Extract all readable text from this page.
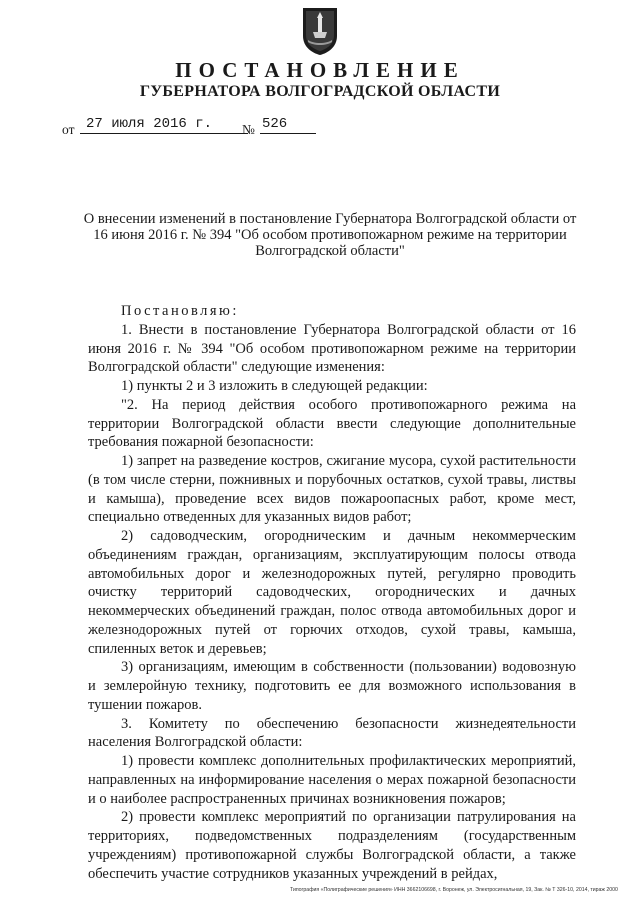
ПОСТАНОВЛЕНИЕ
ГУБЕРНАТОРА ВОЛГОГРАДСКОЙ ОБЛАСТИ
от 27 июля 2016 г.	№ 526
О внесении изменений в постановление Губернатора Волгоградской области от 16 июня 2016 г. № 394 "Об особом противопожарном режиме на территории Волгоградской области"

Постановляю:

1. Внести в постановление Губернатора Волгоградской области от 16 июня 2016 г. № 394 "Об особом противопожарном режиме на территории Волгоградской области" следующие изменения:

1) пункты 2 и 3 изложить в следующей редакции:

"2. На период действия особого противопожарного режима на территории Волгоградской области ввести следующие дополнительные требования пожарной безопасности:

1) запрет на разведение костров, сжигание мусора, сухой растительности (в том числе стерни, пожнивных и порубочных остатков, сухой травы, листвы и камыша), проведение всех видов пожароопасных работ, кроме мест, специально отведенных для указанных видов работ;

2) садоводческим, огородническим и дачным некоммерческим объединениям граждан, организациям, эксплуатирующим полосы отвода автомобильных дорог и железнодорожных путей, регулярно проводить очистку территорий садоводческих, огороднических и дачных некоммерческих объединений граждан, полос отвода автомобильных дорог и железнодорожных путей от горючих отходов, сухой травы, камыша, спиленных веток и деревьев;

3) организациям, имеющим в собственности (пользовании) водовозную и землеройную технику, подготовить ее для возможного использования в тушении пожаров.

3. Комитету по обеспечению безопасности жизнедеятельности населения Волгоградской области:

1) провести комплекс дополнительных профилактических мероприятий, направленных на информирование населения о мерах пожарной безопасности и о наиболее распространенных причинах возникновения пожаров;

2) провести комплекс мероприятий по организации патрулирования на территориях, подведомственных подразделениям (государственным учреждениям) противопожарной службы Волгоградской области, а также обеспечить участие сотрудников указанных учреждений в рейдах,

Типография «Полиграфические решения» ИНН 3662106698, г. Воронеж, ул. Электросигнальная, 19, Зак. № Т 326-10, 2014, тираж 2000
